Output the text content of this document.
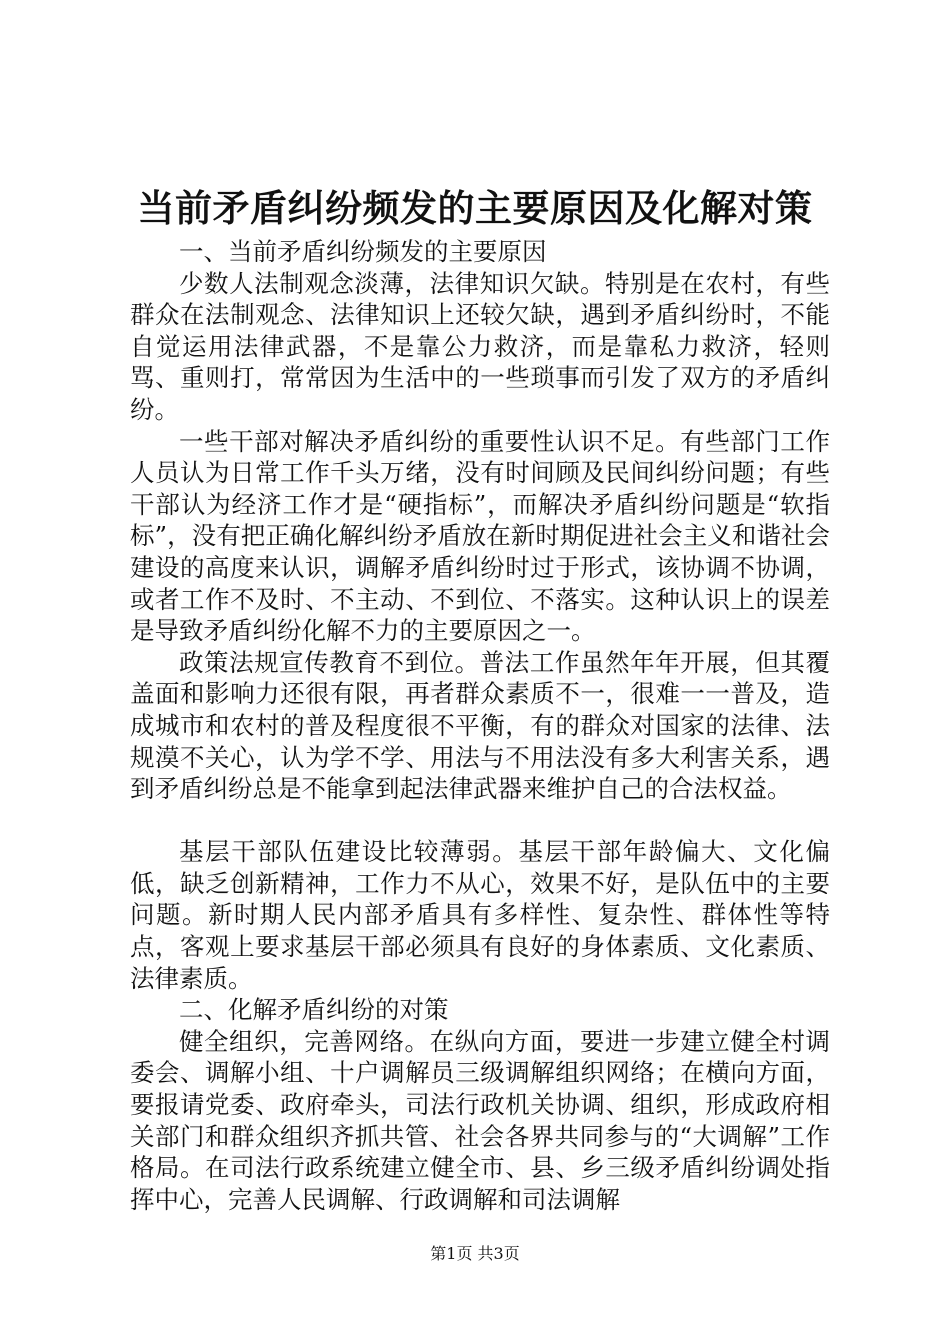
当前矛盾纠纷频发的主要原因及化解对策

一、当前矛盾纠纷频发的主要原因

少数人法制观念淡薄，法律知识欠缺。特别是在农村，有些群众在法制观念、法律知识上还较欠缺，遇到矛盾纠纷时，不能自觉运用法律武器，不是靠公力救济，而是靠私力救济，轻则骂、重则打，常常因为生活中的一些琐事而引发了双方的矛盾纠纷。

一些干部对解决矛盾纠纷的重要性认识不足。有些部门工作人员认为日常工作千头万绪，没有时间顾及民间纠纷问题；有些干部认为经济工作才是“硬指标”，而解决矛盾纠纷问题是“软指标”，没有把正确化解纠纷矛盾放在新时期促进社会主义和谐社会建设的高度来认识，调解矛盾纠纷时过于形式，该协调不协调，或者工作不及时、不主动、不到位、不落实。这种认识上的误差是导致矛盾纠纷化解不力的主要原因之一。

政策法规宣传教育不到位。普法工作虽然年年开展，但其覆盖面和影响力还很有限，再者群众素质不一，很难一一普及，造成城市和农村的普及程度很不平衡，有的群众对国家的法律、法规漠不关心，认为学不学、用法与不用法没有多大利害关系，遇到矛盾纠纷总是不能拿到起法律武器来维护自己的合法权益。

基层干部队伍建设比较薄弱。基层干部年龄偏大、文化偏低，缺乏创新精神，工作力不从心，效果不好，是队伍中的主要问题。新时期人民内部矛盾具有多样性、复杂性、群体性等特点，客观上要求基层干部必须具有良好的身体素质、文化素质、法律素质。

二、化解矛盾纠纷的对策

健全组织，完善网络。在纵向方面，要进一步建立健全村调委会、调解小组、十户调解员三级调解组织网络；在横向方面，要报请党委、政府牵头，司法行政机关协调、组织，形成政府相关部门和群众组织齐抓共管、社会各界共同参与的“大调解”工作格局。在司法行政系统建立健全市、县、乡三级矛盾纠纷调处指挥中心，完善人民调解、行政调解和司法调解

第1页 共3页
